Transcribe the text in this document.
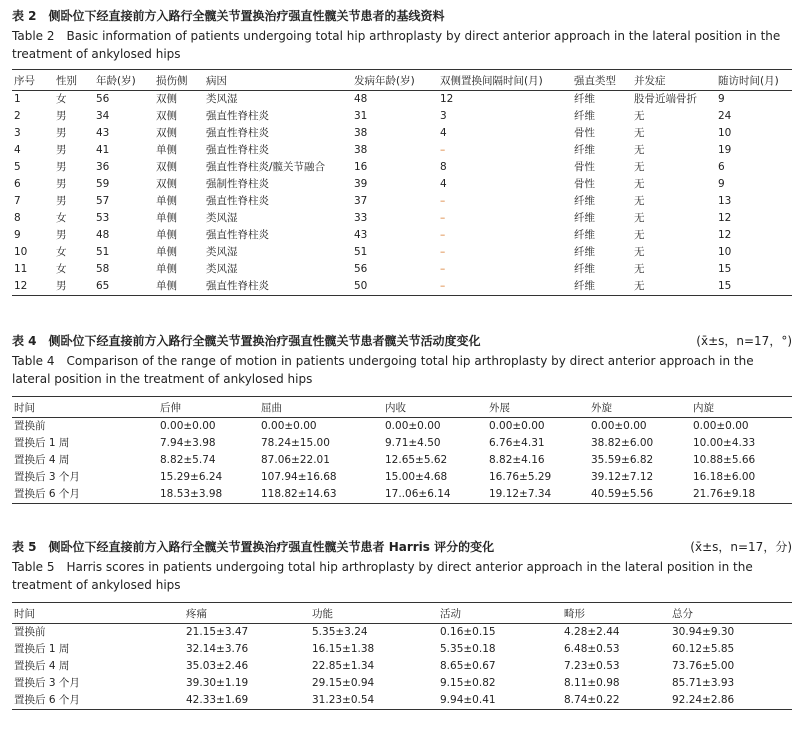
表 2　侧卧位下经直接前方入路行全髋关节置换治疗强直性髋关节患者的基线资料
Table 2　Basic information of patients undergoing total hip arthroplasty by direct anterior approach in the lateral position in the treatment of ankylosed hips
序号	性别	年龄(岁)	损伤侧	病因	发病年龄(岁)	双侧置换间隔时间(月)	强直类型	并发症	随访时间(月)
1	女	56	双侧	类风湿	48	12	纤维	股骨近端骨折	9
2	男	34	双侧	强直性脊柱炎	31	3	纤维	无	24
3	男	43	双侧	强直性脊柱炎	38	4	骨性	无	10
4	男	41	单侧	强直性脊柱炎	38	–	纤维	无	19
5	男	36	双侧	强直性脊柱炎/髋关节融合	16	8	骨性	无	6
6	男	59	双侧	强制性脊柱炎	39	4	骨性	无	9
7	男	57	单侧	强直性脊柱炎	37	–	纤维	无	13
8	女	53	单侧	类风湿	33	–	纤维	无	12
9	男	48	单侧	强直性脊柱炎	43	–	纤维	无	12
10	女	51	单侧	类风湿	51	–	纤维	无	10
11	女	58	单侧	类风湿	56	–	纤维	无	15
12	男	65	单侧	强直性脊柱炎	50	–	纤维	无	15
表 4　侧卧位下经直接前方入路行全髋关节置换治疗强直性髋关节患者髋关节活动度变化	(x̄±s，n=17，°)
Table 4　Comparison of the range of motion in patients undergoing total hip arthroplasty by direct anterior approach in the lateral position in the treatment of ankylosed hips
时间	后伸	屈曲	内收	外展	外旋	内旋
置换前	0.00±0.00	0.00±0.00	0.00±0.00	0.00±0.00	0.00±0.00	0.00±0.00
置换后 1 周	7.94±3.98	78.24±15.00	9.71±4.50	6.76±4.31	38.82±6.00	10.00±4.33
置换后 4 周	8.82±5.74	87.06±22.01	12.65±5.62	8.82±4.16	35.59±6.82	10.88±5.66
置换后 3 个月	15.29±6.24	107.94±16.68	15.00±4.68	16.76±5.29	39.12±7.12	16.18±6.00
置换后 6 个月	18.53±3.98	118.82±14.63	17..06±6.14	19.12±7.34	40.59±5.56	21.76±9.18
表 5　侧卧位下经直接前方入路行全髋关节置换治疗强直性髋关节患者 Harris 评分的变化	(x̄±s，n=17，分)
Table 5　Harris scores in patients undergoing total hip arthroplasty by direct anterior approach in the lateral position in the treatment of ankylosed hips
时间	疼痛	功能	活动	畸形	总分
置换前	21.15±3.47	5.35±3.24	0.16±0.15	4.28±2.44	30.94±9.30
置换后 1 周	32.14±3.76	16.15±1.38	5.35±0.18	6.48±0.53	60.12±5.85
置换后 4 周	35.03±2.46	22.85±1.34	8.65±0.67	7.23±0.53	73.76±5.00
置换后 3 个月	39.30±1.19	29.15±0.94	9.15±0.82	8.11±0.98	85.71±3.93
置换后 6 个月	42.33±1.69	31.23±0.54	9.94±0.41	8.74±0.22	92.24±2.86
